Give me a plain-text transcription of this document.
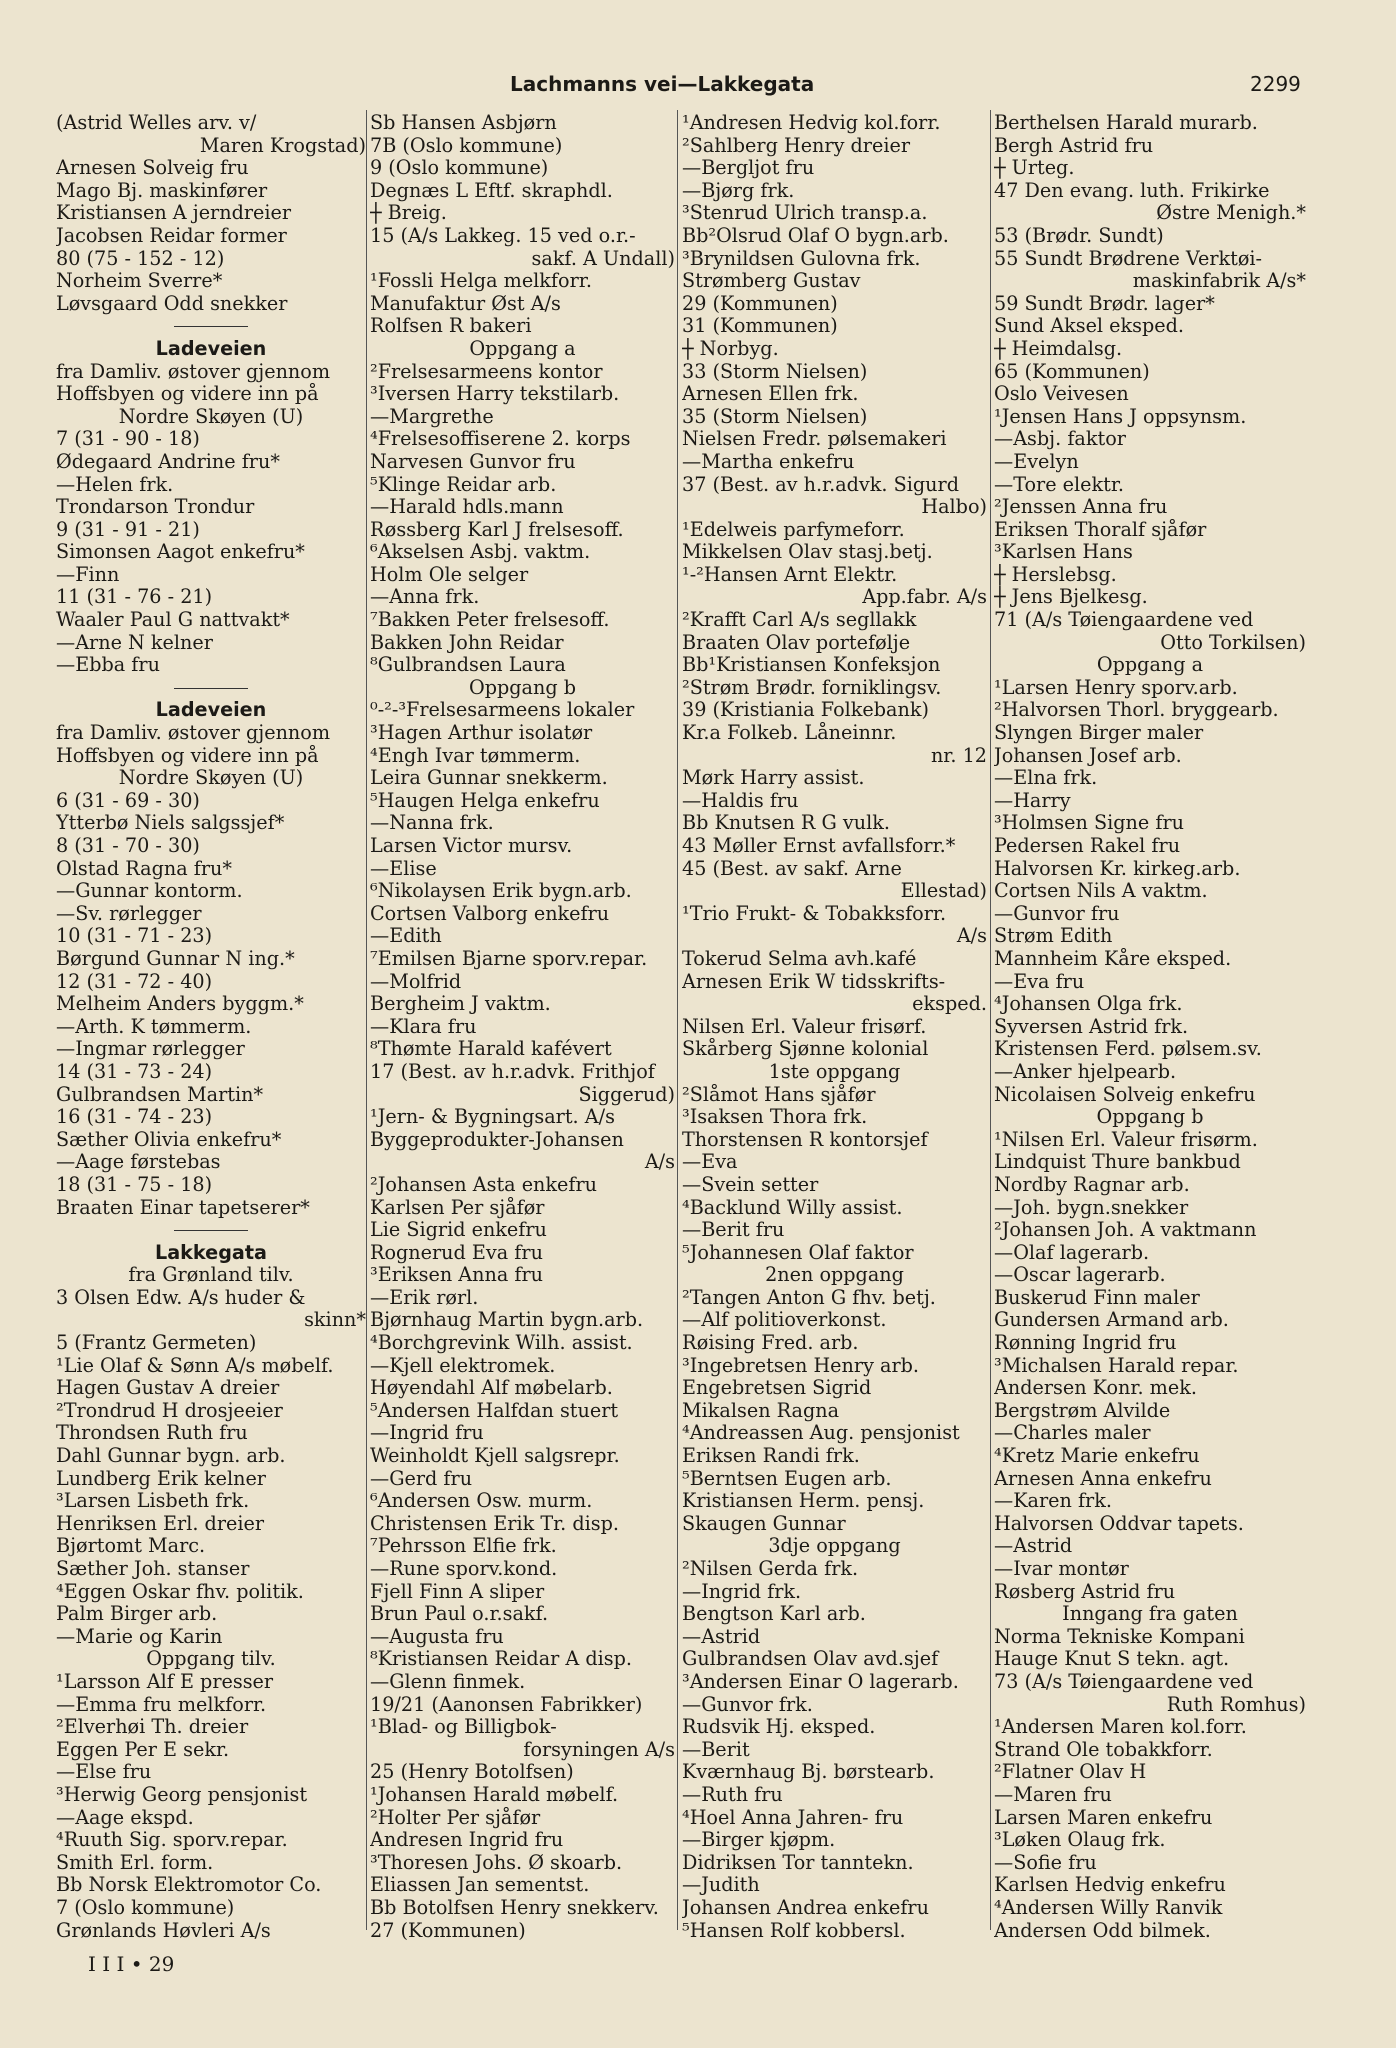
Lachmanns vei—Lakkegata	2299
(Astrid Welles arv. v/
Maren Krogstad)
Arnesen Solveig fru
Mago Bj. maskinfører
Kristiansen A jerndreier
Jacobsen Reidar former
80 (75 - 152 - 12)
Norheim Sverre*
Løvsgaard Odd snekker
Ladeveien
fra Damliv. østover gjennom
Hoffsbyen og videre inn på
Nordre Skøyen (U)
7 (31 - 90 - 18)
Ødegaard Andrine fru*
—Helen frk.
Trondarson Trondur
9 (31 - 91 - 21)
Simonsen Aagot enkefru*
—Finn
11 (31 - 76 - 21)
Waaler Paul G nattvakt*
—Arne N kelner
—Ebba fru
Ladeveien
fra Damliv. østover gjennom
Hoffsbyen og videre inn på
Nordre Skøyen (U)
6 (31 - 69 - 30)
Ytterbø Niels salgssjef*
8 (31 - 70 - 30)
Olstad Ragna fru*
—Gunnar kontorm.
—Sv. rørlegger
10 (31 - 71 - 23)
Børgund Gunnar N ing.*
12 (31 - 72 - 40)
Melheim Anders byggm.*
—Arth. K tømmerm.
—Ingmar rørlegger
14 (31 - 73 - 24)
Gulbrandsen Martin*
16 (31 - 74 - 23)
Sæther Olivia enkefru*
—Aage førstebas
18 (31 - 75 - 18)
Braaten Einar tapetserer*
Lakkegata
fra Grønland tilv.
3 Olsen Edw. A/s huder &
skinn*
5 (Frantz Germeten)
¹Lie Olaf & Sønn A/s møbelf.
Hagen Gustav A dreier
²Trondrud H drosjeeier
Throndsen Ruth fru
Dahl Gunnar bygn. arb.
Lundberg Erik kelner
³Larsen Lisbeth frk.
Henriksen Erl. dreier
Bjørtomt Marc.
Sæther Joh. stanser
⁴Eggen Oskar fhv. politik.
Palm Birger arb.
—Marie og Karin
Oppgang tilv.
¹Larsson Alf E presser
—Emma fru melkforr.
²Elverhøi Th. dreier
Eggen Per E sekr.
—Else fru
³Herwig Georg pensjonist
—Aage ekspd.
⁴Ruuth Sig. sporv.repar.
Smith Erl. form.
Bb Norsk Elektromotor Co.
7 (Oslo kommune)
Grønlands Høvleri A/s
Sb Hansen Asbjørn
7B (Oslo kommune)
9 (Oslo kommune)
Degnæs L Eftf. skraphdl.
┼ Breig.
15 (A/s Lakkeg. 15 ved o.r.-
sakf. A Undall)
¹Fossli Helga melkforr.
Manufaktur Øst A/s
Rolfsen R bakeri
Oppgang a
²Frelsesarmeens kontor
³Iversen Harry tekstilarb.
—Margrethe
⁴Frelsesoffiserene 2. korps
Narvesen Gunvor fru
⁵Klinge Reidar arb.
—Harald hdls.mann
Røssberg Karl J frelsesoff.
⁶Akselsen Asbj. vaktm.
Holm Ole selger
—Anna frk.
⁷Bakken Peter frelsesoff.
Bakken John Reidar
⁸Gulbrandsen Laura
Oppgang b
⁰-²-³Frelsesarmeens lokaler
³Hagen Arthur isolatør
⁴Engh Ivar tømmerm.
Leira Gunnar snekkerm.
⁵Haugen Helga enkefru
—Nanna frk.
Larsen Victor mursv.
—Elise
⁶Nikolaysen Erik bygn.arb.
Cortsen Valborg enkefru
—Edith
⁷Emilsen Bjarne sporv.repar.
—Molfrid
Bergheim J vaktm.
—Klara fru
⁸Thømte Harald kafévert
17 (Best. av h.r.advk. Frithjof
Siggerud)
¹Jern- & Bygningsart. A/s
Byggeprodukter-Johansen
A/s
²Johansen Asta enkefru
Karlsen Per sjåfør
Lie Sigrid enkefru
Rognerud Eva fru
³Eriksen Anna fru
—Erik rørl.
Bjørnhaug Martin bygn.arb.
⁴Borchgrevink Wilh. assist.
—Kjell elektromek.
Høyendahl Alf møbelarb.
⁵Andersen Halfdan stuert
—Ingrid fru
Weinholdt Kjell salgsrepr.
—Gerd fru
⁶Andersen Osw. murm.
Christensen Erik Tr. disp.
⁷Pehrsson Elfie frk.
—Rune sporv.kond.
Fjell Finn A sliper
Brun Paul o.r.sakf.
—Augusta fru
⁸Kristiansen Reidar A disp.
—Glenn finmek.
19/21 (Aanonsen Fabrikker)
¹Blad- og Billigbok-
forsyningen A/s
25 (Henry Botolfsen)
¹Johansen Harald møbelf.
²Holter Per sjåfør
Andresen Ingrid fru
³Thoresen Johs. Ø skoarb.
Eliassen Jan sementst.
Bb Botolfsen Henry snekkerv.
27 (Kommunen)
¹Andresen Hedvig kol.forr.
²Sahlberg Henry dreier
—Bergljot fru
—Bjørg frk.
³Stenrud Ulrich transp.a.
Bb²Olsrud Olaf O bygn.arb.
³Brynildsen Gulovna frk.
Strømberg Gustav
29 (Kommunen)
31 (Kommunen)
┼ Norbyg.
33 (Storm Nielsen)
Arnesen Ellen frk.
35 (Storm Nielsen)
Nielsen Fredr. pølsemakeri
—Martha enkefru
37 (Best. av h.r.advk. Sigurd
Halbo)
¹Edelweis parfymeforr.
Mikkelsen Olav stasj.betj.
¹-²Hansen Arnt Elektr.
App.fabr. A/s
²Krafft Carl A/s segllakk
Braaten Olav portefølje
Bb¹Kristiansen Konfeksjon
²Strøm Brødr. forniklingsv.
39 (Kristiania Folkebank)
Kr.a Folkeb. Låneinnr.
nr. 12
Mørk Harry assist.
—Haldis fru
Bb Knutsen R G vulk.
43 Møller Ernst avfallsforr.*
45 (Best. av sakf. Arne
Ellestad)
¹Trio Frukt- & Tobakksforr.
A/s
Tokerud Selma avh.kafé
Arnesen Erik W tidsskrifts-
eksped.
Nilsen Erl. Valeur frisørf.
Skårberg Sjønne kolonial
1ste oppgang
²Slåmot Hans sjåfør
³Isaksen Thora frk.
Thorstensen R kontorsjef
—Eva
—Svein setter
⁴Backlund Willy assist.
—Berit fru
⁵Johannesen Olaf faktor
2nen oppgang
²Tangen Anton G fhv. betj.
—Alf politioverkonst.
Røising Fred. arb.
³Ingebretsen Henry arb.
Engebretsen Sigrid
Mikalsen Ragna
⁴Andreassen Aug. pensjonist
Eriksen Randi frk.
⁵Berntsen Eugen arb.
Kristiansen Herm. pensj.
Skaugen Gunnar
3dje oppgang
²Nilsen Gerda frk.
—Ingrid frk.
Bengtson Karl arb.
—Astrid
Gulbrandsen Olav avd.sjef
³Andersen Einar O lagerarb.
—Gunvor frk.
Rudsvik Hj. eksped.
—Berit
Kværnhaug Bj. børstearb.
—Ruth fru
⁴Hoel Anna Jahren- fru
—Birger kjøpm.
Didriksen Tor tanntekn.
—Judith
Johansen Andrea enkefru
⁵Hansen Rolf kobbersl.
Berthelsen Harald murarb.
Bergh Astrid fru
┼ Urteg.
47 Den evang. luth. Frikirke
Østre Menigh.*
53 (Brødr. Sundt)
55 Sundt Brødrene Verktøi-
maskinfabrik A/s*
59 Sundt Brødr. lager*
Sund Aksel eksped.
┼ Heimdalsg.
65 (Kommunen)
Oslo Veivesen
¹Jensen Hans J oppsynsm.
—Asbj. faktor
—Evelyn
—Tore elektr.
²Jenssen Anna fru
Eriksen Thoralf sjåfør
³Karlsen Hans
┼ Herslebsg.
┼ Jens Bjelkesg.
71 (A/s Tøiengaardene ved
Otto Torkilsen)
Oppgang a
¹Larsen Henry sporv.arb.
²Halvorsen Thorl. bryggearb.
Slyngen Birger maler
Johansen Josef arb.
—Elna frk.
—Harry
³Holmsen Signe fru
Pedersen Rakel fru
Halvorsen Kr. kirkeg.arb.
Cortsen Nils A vaktm.
—Gunvor fru
Strøm Edith
Mannheim Kåre eksped.
—Eva fru
⁴Johansen Olga frk.
Syversen Astrid frk.
Kristensen Ferd. pølsem.sv.
—Anker hjelpearb.
Nicolaisen Solveig enkefru
Oppgang b
¹Nilsen Erl. Valeur frisørm.
Lindquist Thure bankbud
Nordby Ragnar arb.
—Joh. bygn.snekker
²Johansen Joh. A vaktmann
—Olaf lagerarb.
—Oscar lagerarb.
Buskerud Finn maler
Gundersen Armand arb.
Rønning Ingrid fru
³Michalsen Harald repar.
Andersen Konr. mek.
Bergstrøm Alvilde
—Charles maler
⁴Kretz Marie enkefru
Arnesen Anna enkefru
—Karen frk.
Halvorsen Oddvar tapets.
—Astrid
—Ivar montør
Røsberg Astrid fru
Inngang fra gaten
Norma Tekniske Kompani
Hauge Knut S tekn. agt.
73 (A/s Tøiengaardene ved
Ruth Romhus)
¹Andersen Maren kol.forr.
Strand Ole tobakkforr.
²Flatner Olav H
—Maren fru
Larsen Maren enkefru
³Løken Olaug frk.
—Sofie fru
Karlsen Hedvig enkefru
⁴Andersen Willy Ranvik
Andersen Odd bilmek.
I I I • 29
